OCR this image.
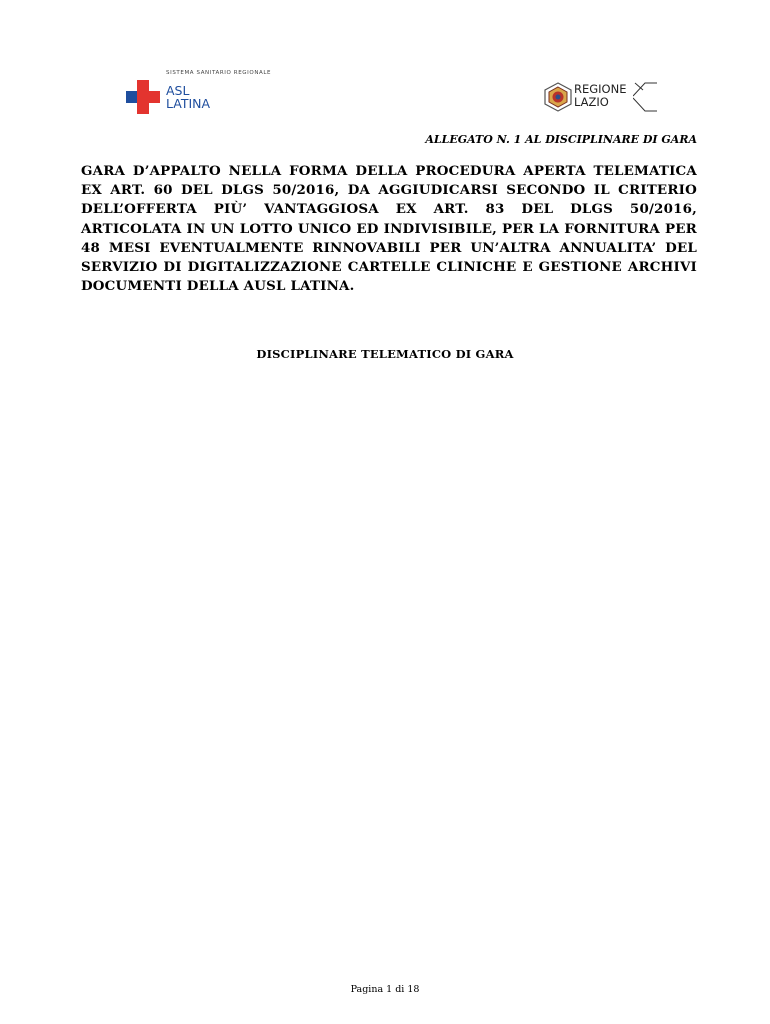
SISTEMA SANITARIO REGIONALE
ASL
LATINA
REGIONE
LAZIO
ALLEGATO N. 1 AL DISCIPLINARE DI GARA
GARA D’APPALTO NELLA FORMA DELLA PROCEDURA APERTA TELEMATICA EX ART. 60 DEL DLGS 50/2016, DA AGGIUDICARSI SECONDO IL CRITERIO DELL’OFFERTA PIÙ’ VANTAGGIOSA EX ART. 83 DEL DLGS 50/2016, ARTICOLATA IN UN LOTTO UNICO ED INDIVISIBILE, PER LA FORNITURA PER 48 MESI EVENTUALMENTE RINNOVABILI PER UN’ALTRA ANNUALITA’ DEL SERVIZIO DI DIGITALIZZAZIONE CARTELLE CLINICHE E GESTIONE ARCHIVI DOCUMENTI DELLA AUSL LATINA.
DISCIPLINARE TELEMATICO DI GARA
Pagina 1 di 18
